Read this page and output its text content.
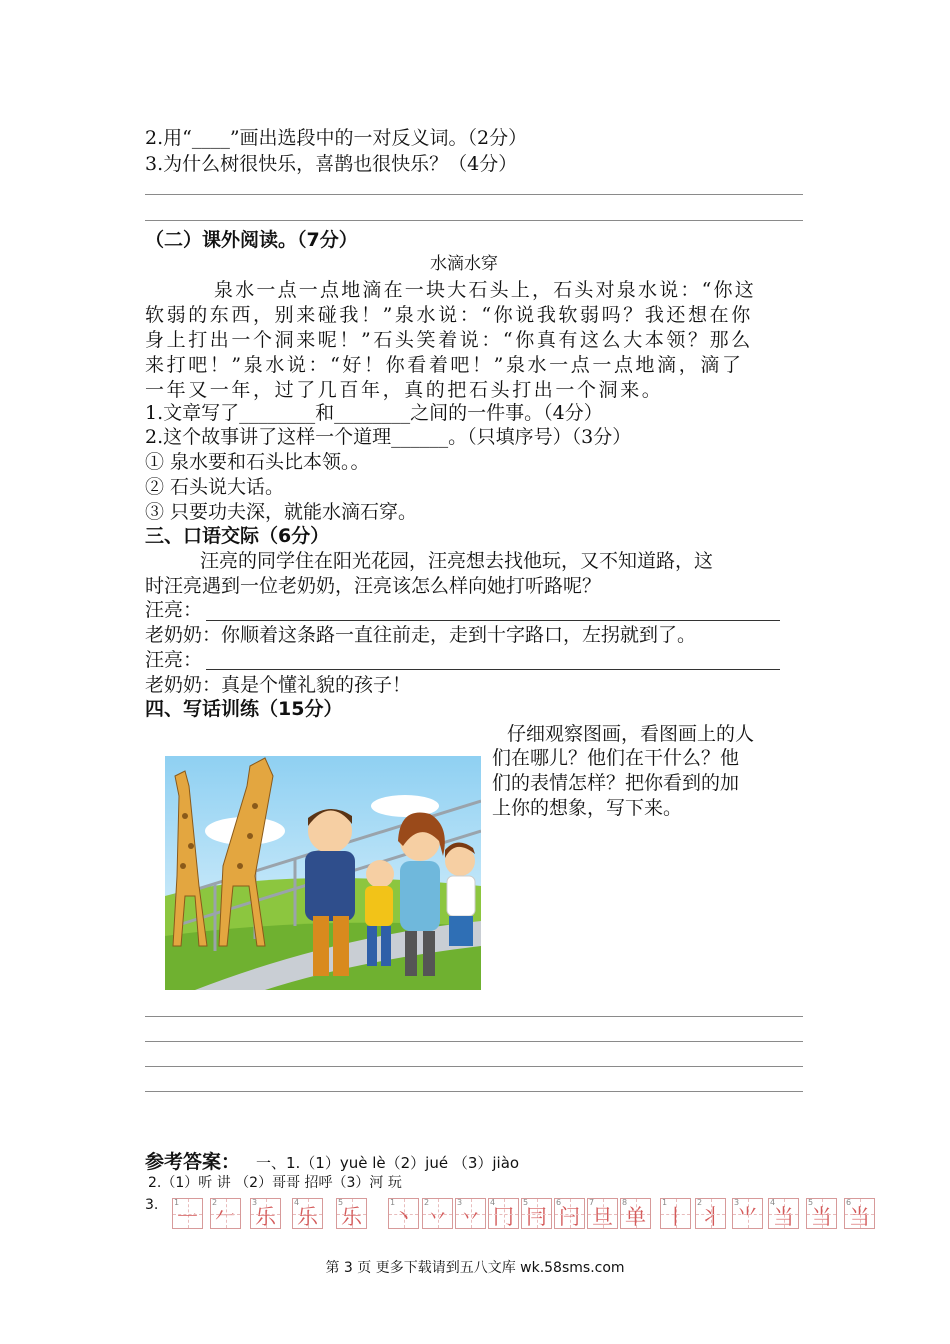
2.用“____”画出选段中的一对反义词。（2分）
3.为什么树很快乐，喜鹊也很快乐？（4分）
（二）课外阅读。（7分）
水滴水穿
泉水一点一点地滴在一块大石头上，石头对泉水说：“你这
软弱的东西，别来碰我！”泉水说：“你说我软弱吗？我还想在你
身上打出一个洞来呢！”石头笑着说：“你真有这么大本领？那么
来打吧！”泉水说：“好！你看着吧！”泉水一点一点地滴，滴了
一年又一年，过了几百年，真的把石头打出一个洞来。
1.文章写了________和________之间的一件事。（4分）
2.这个故事讲了这样一个道理______。（只填序号）（3分）
① 泉水要和石头比本领。。
② 石头说大话。
③ 只要功夫深，就能水滴石穿。
三、口语交际（6分）
汪亮的同学住在阳光花园，汪亮想去找他玩，又不知道路，这
时汪亮遇到一位老奶奶，汪亮该怎么样向她打听路呢？
汪亮：
老奶奶：你顺着这条路一直往前走，走到十字路口，左拐就到了。
汪亮：
老奶奶：真是个懂礼貌的孩子！
四、写话训练（15分）
仔细观察图画，看图画上的人
们在哪儿？他们在干什么？他
们的表情怎样？把你看到的加
上你的想象，写下来。
参考答案： 一、1.（1）yuè lè（2）jué （3）jiào
2.（1）听 讲 （2）哥哥 招呼（3）河 玩
3. 1
一
2
𠂉
3
乐
4
乐
5
乐
1
丶
2
丷
3
丷
4
冂
5
冃
6
闩
7
旦
8
单
1
丨
2
丬
3
⺌
4
当
5
当
6
当
第 3 页 更多下载请到五八文库 wk.58sms.com
